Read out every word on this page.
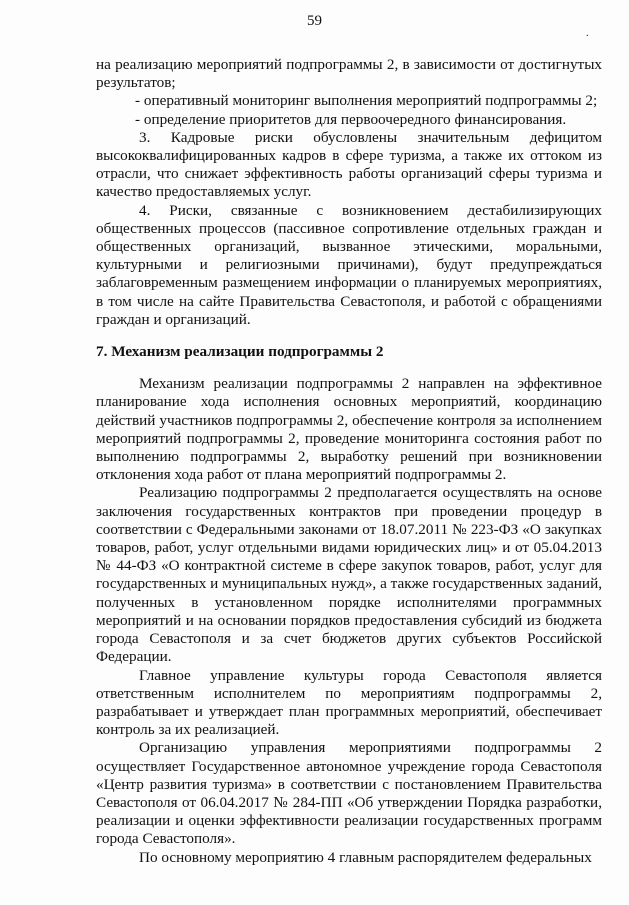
59
.

на реализацию мероприятий подпрограммы 2, в зависимости от достигнутых результатов;

- оперативный мониторинг выполнения мероприятий подпрограммы 2;

- определение приоритетов для первоочередного финансирования.

3. Кадровые риски обусловлены значительным дефицитом высококвалифицированных кадров в сфере туризма, а также их оттоком из отрасли, что снижает эффективность работы организаций сферы туризма и качество предоставляемых услуг.

4. Риски, связанные с возникновением дестабилизирующих общественных процессов (пассивное сопротивление отдельных граждан и общественных организаций, вызванное этическими, моральными, культурными и религиозными причинами), будут предупреждаться заблаговременным размещением информации о планируемых мероприятиях, в том числе на сайте Правительства Севастополя, и работой с обращениями граждан и организаций.

7. Механизм реализации подпрограммы 2

Механизм реализации подпрограммы 2 направлен на эффективное планирование хода исполнения основных мероприятий, координацию действий участников подпрограммы 2, обеспечение контроля за исполнением мероприятий подпрограммы 2, проведение мониторинга состояния работ по выполнению подпрограммы 2, выработку решений при возникновении отклонения хода работ от плана мероприятий подпрограммы 2.

Реализацию подпрограммы 2 предполагается осуществлять на основе заключения государственных контрактов при проведении процедур в соответствии с Федеральными законами от 18.07.2011 № 223-ФЗ «О закупках товаров, работ, услуг отдельными видами юридических лиц» и от 05.04.2013 № 44-ФЗ «О контрактной системе в сфере закупок товаров, работ, услуг для государственных и муниципальных нужд», а также государственных заданий, полученных в установленном порядке исполнителями программных мероприятий и на основании порядков предоставления субсидий из бюджета города Севастополя и за счет бюджетов других субъектов Российской Федерации.

Главное управление культуры города Севастополя является ответственным исполнителем по мероприятиям подпрограммы 2, разрабатывает и утверждает план программных мероприятий, обеспечивает контроль за их реализацией.

Организацию управления мероприятиями подпрограммы 2 осуществляет Государственное автономное учреждение города Севастополя «Центр развития туризма» в соответствии с постановлением Правительства Севастополя от 06.04.2017 № 284-ПП «Об утверждении Порядка разработки, реализации и оценки эффективности реализации государственных программ города Севастополя».

По основному мероприятию 4 главным распорядителем федеральных
